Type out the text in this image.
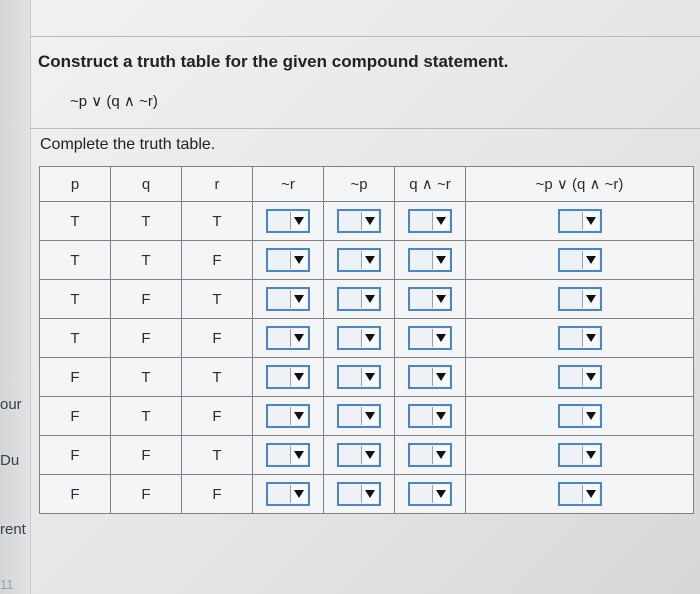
our
Du
rent
11
Construct a truth table for the given compound statement.
~p ∨ (q ∧ ~r)
Complete the truth table.
p	q	r	~r	~p	q ∧ ~r	~p ∨ (q ∧ ~r)
T	T	T	

T	T	F	

T	F	T	

T	F	F	

F	T	T	

F	T	F	

F	F	T	

F	F	F	
